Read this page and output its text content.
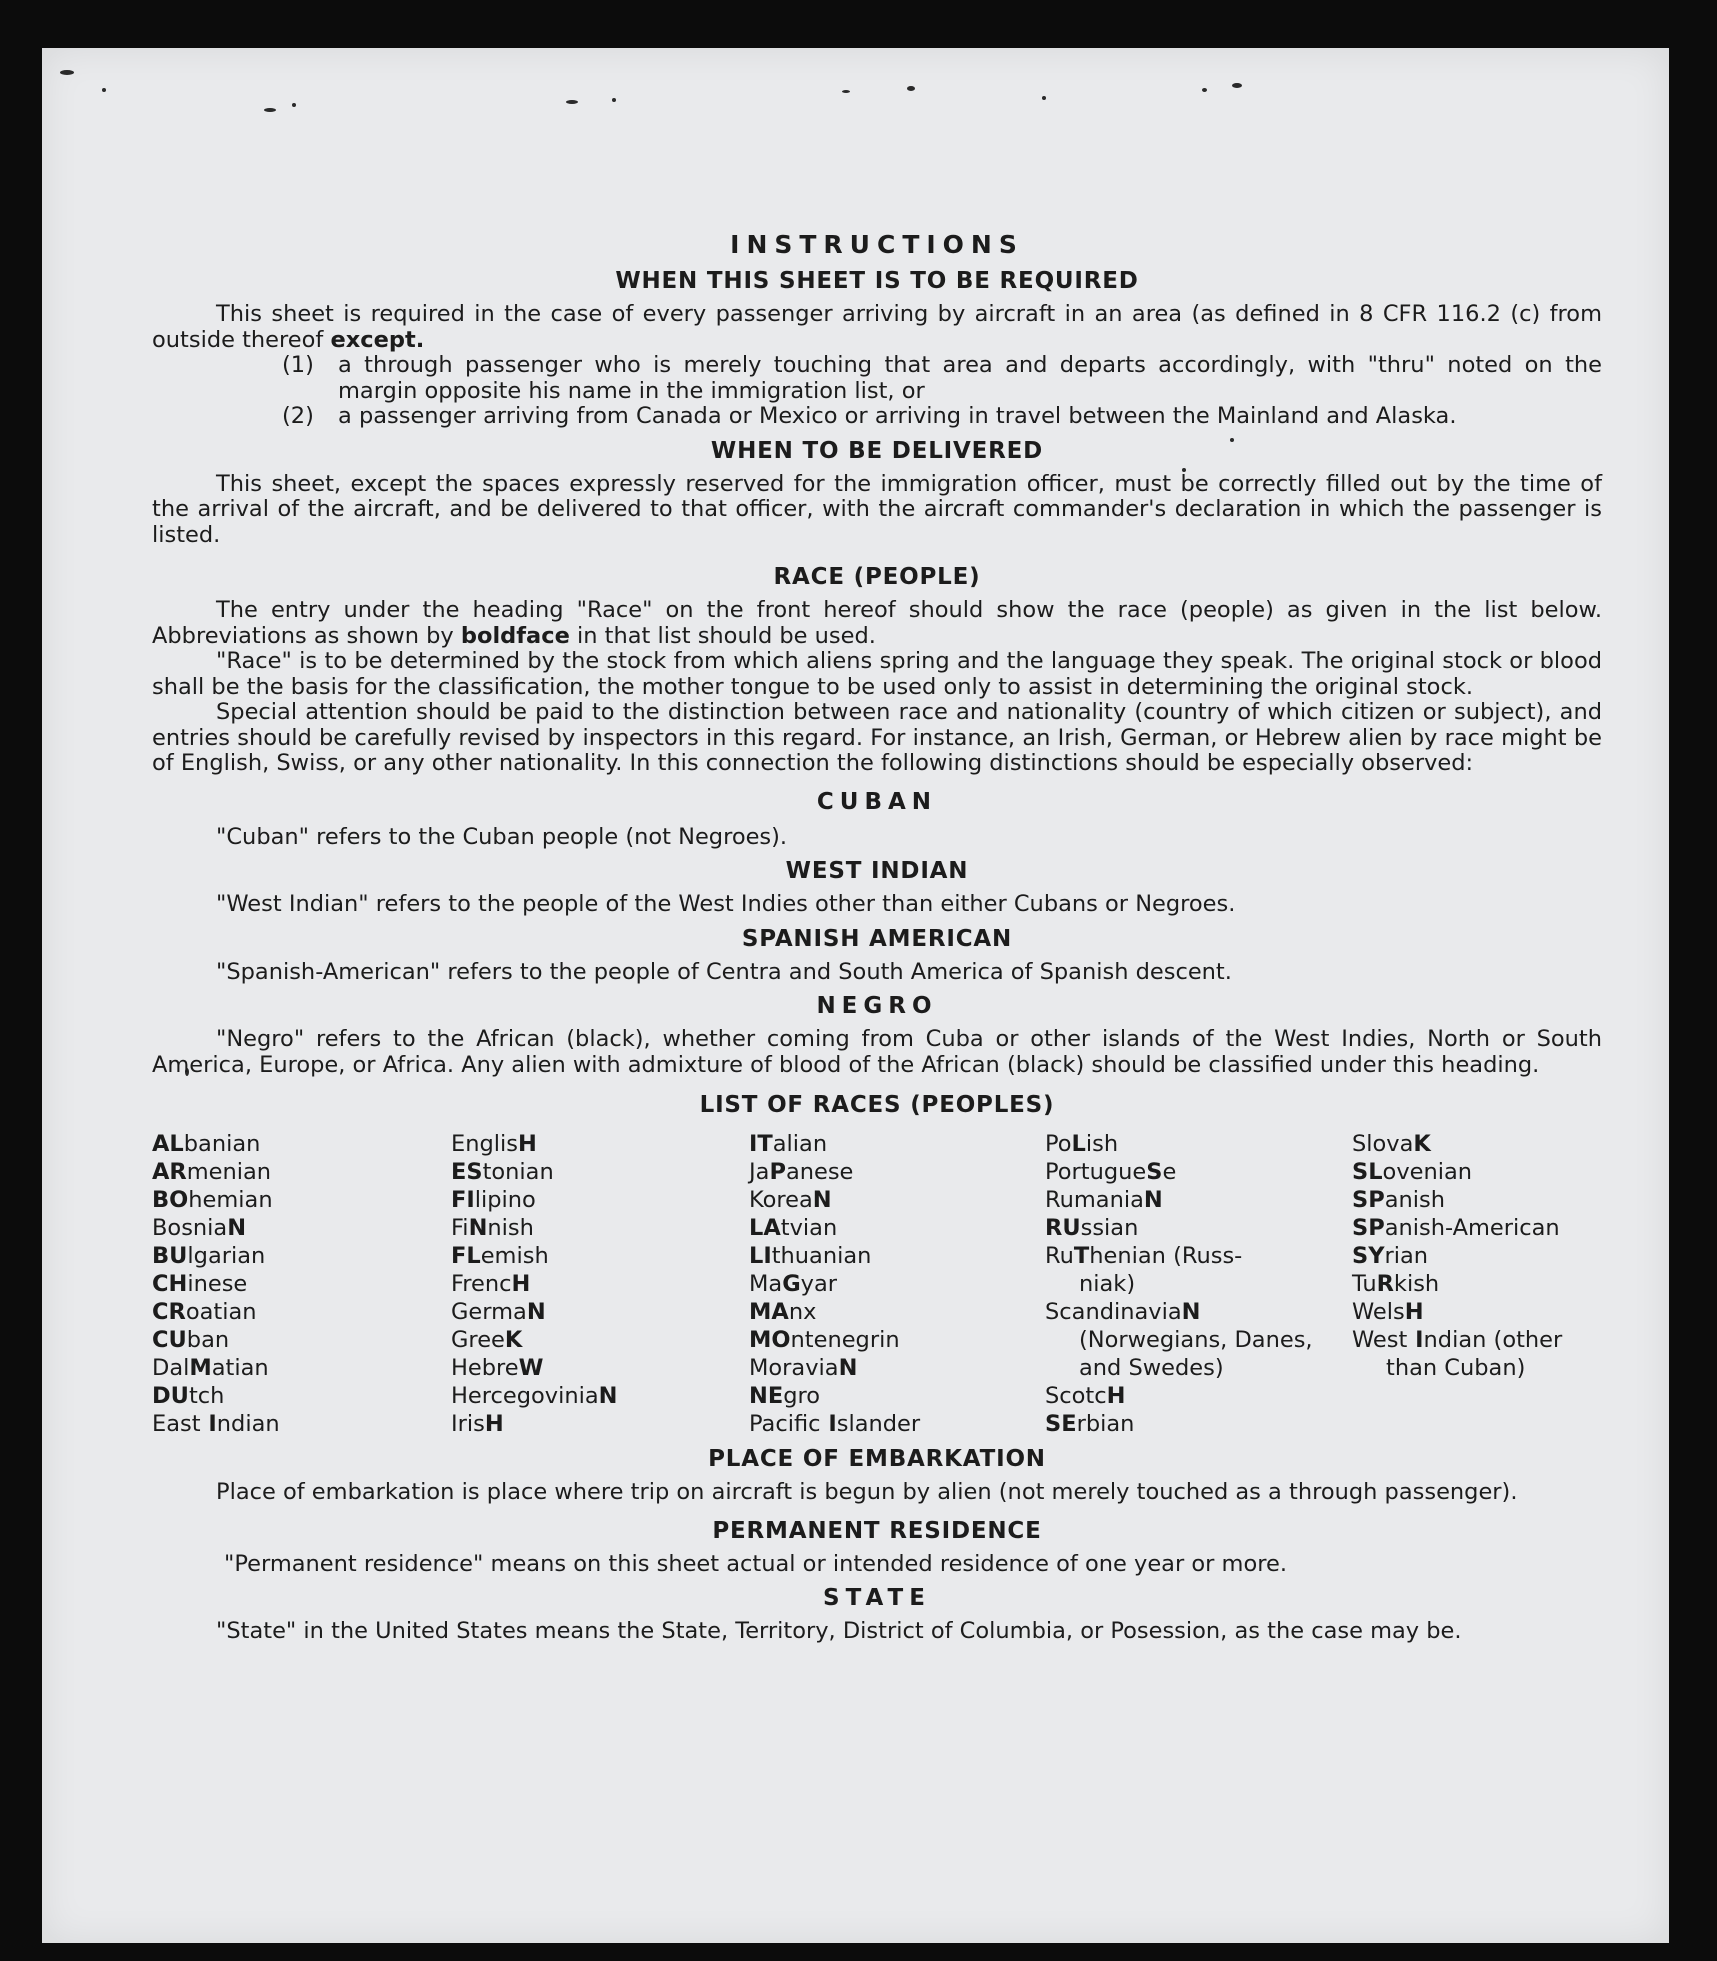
INSTRUCTIONS
WHEN THIS SHEET IS TO BE REQUIRED

This sheet is required in the case of every passenger arriving by aircraft in an area (as defined in 8 CFR 116.2 (c) from outside thereof except.

(1)	a through passenger who is merely touching that area and departs accordingly, with "thru" noted on the margin opposite his name in the immigration list, or
(2)	a passenger arriving from Canada or Mexico or arriving in travel between the Mainland and Alaska.
WHEN TO BE DELIVERED

This sheet, except the spaces expressly reserved for the immigration officer, must be correctly filled out by the time of the arrival of the aircraft, and be delivered to that officer, with the aircraft commander's declaration in which the passenger is listed.

RACE (PEOPLE)

The entry under the heading "Race" on the front hereof should show the race (people) as given in the list below. Abbreviations as shown by boldface in that list should be used.

"Race" is to be determined by the stock from which aliens spring and the language they speak. The original stock or blood shall be the basis for the classification, the mother tongue to be used only to assist in determining the original stock.

Special attention should be paid to the distinction between race and nationality (country of which citizen or subject), and entries should be carefully revised by inspectors in this regard. For instance, an Irish, German, or Hebrew alien by race might be of English, Swiss, or any other nationality. In this connection the following distinctions should be especially observed:

CUBAN

"Cuban" refers to the Cuban people (not Negroes).

WEST INDIAN

"West Indian" refers to the people of the West Indies other than either Cubans or Negroes.

SPANISH AMERICAN

"Spanish-American" refers to the people of Centra and South America of Spanish descent.

NEGRO

"Negro" refers to the African (black), whether coming from Cuba or other islands of the West Indies, North or South America, Europe, or Africa. Any alien with admixture of blood of the African (black) should be classified under this heading.

LIST OF RACES (PEOPLES)
ALbanian
ARmenian
BOhemian
BosniaN
BUlgarian
CHinese
CRoatian
CUban
DalMatian
DUtch
East Indian
EnglisH
EStonian
FIlipino
FiNnish
FLemish
FrencH
GermaN
GreeK
HebreW
HercegoviniaN
IrisH
ITalian
JaPanese
KoreaN
LAtvian
LIthuanian
MaGyar
MAnx
MOntenegrin
MoraviaN
NEgro
Pacific Islander
PoLish
PortugueSe
RumaniaN
RUssian
RuThenian (Russ-
niak)
ScandinaviaN
(Norwegians, Danes, and Swedes)
ScotcH
SErbian
SlovaK
SLovenian
SPanish
SPanish-American
SYrian
TuRkish
WelsH
West Indian (other
than Cuban)
PLACE OF EMBARKATION

Place of embarkation is place where trip on aircraft is begun by alien (not merely touched as a through passenger).

PERMANENT RESIDENCE

"Permanent residence" means on this sheet actual or intended residence of one year or more.

STATE

"State" in the United States means the State, Territory, District of Columbia, or Posession, as the case may be.
